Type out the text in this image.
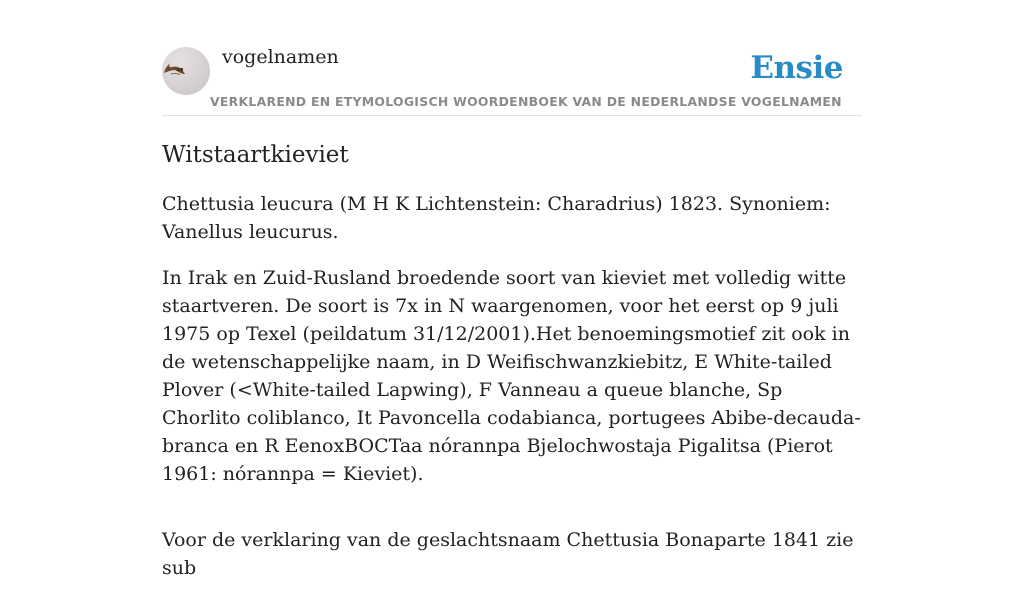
vogelnamen	Ensie
VERKLAREND EN ETYMOLOGISCH WOORDENBOEK VAN DE NEDERLANDSE VOGELNAMEN
Witstaartkieviet

Chettusia leucura (M H K Lichtenstein: Charadrius) 1823. Synoniem: Vanellus leucurus.

In Irak en Zuid-Rusland broedende soort van kieviet met volledig witte staartveren. De soort is 7x in N waargenomen, voor het eerst op 9 juli 1975 op Texel (peildatum 31/12/2001).Het benoemingsmotief zit ook in de wetenschappelijke naam, in D Weifischwanzkiebitz, E White-tailed Plover (<White-tailed Lapwing), F Vanneau a queue blanche, Sp Chorlito coliblanco, It Pavoncella codabianca, portugees Abibe-decauda-branca en R EenoxBOCTaa nórannpa Bjelochwostaja Pigalitsa (Pierot 1961: nórannpa = Kieviet).

Voor de verklaring van de geslachtsnaam Chettusia Bonaparte 1841 zie sub
